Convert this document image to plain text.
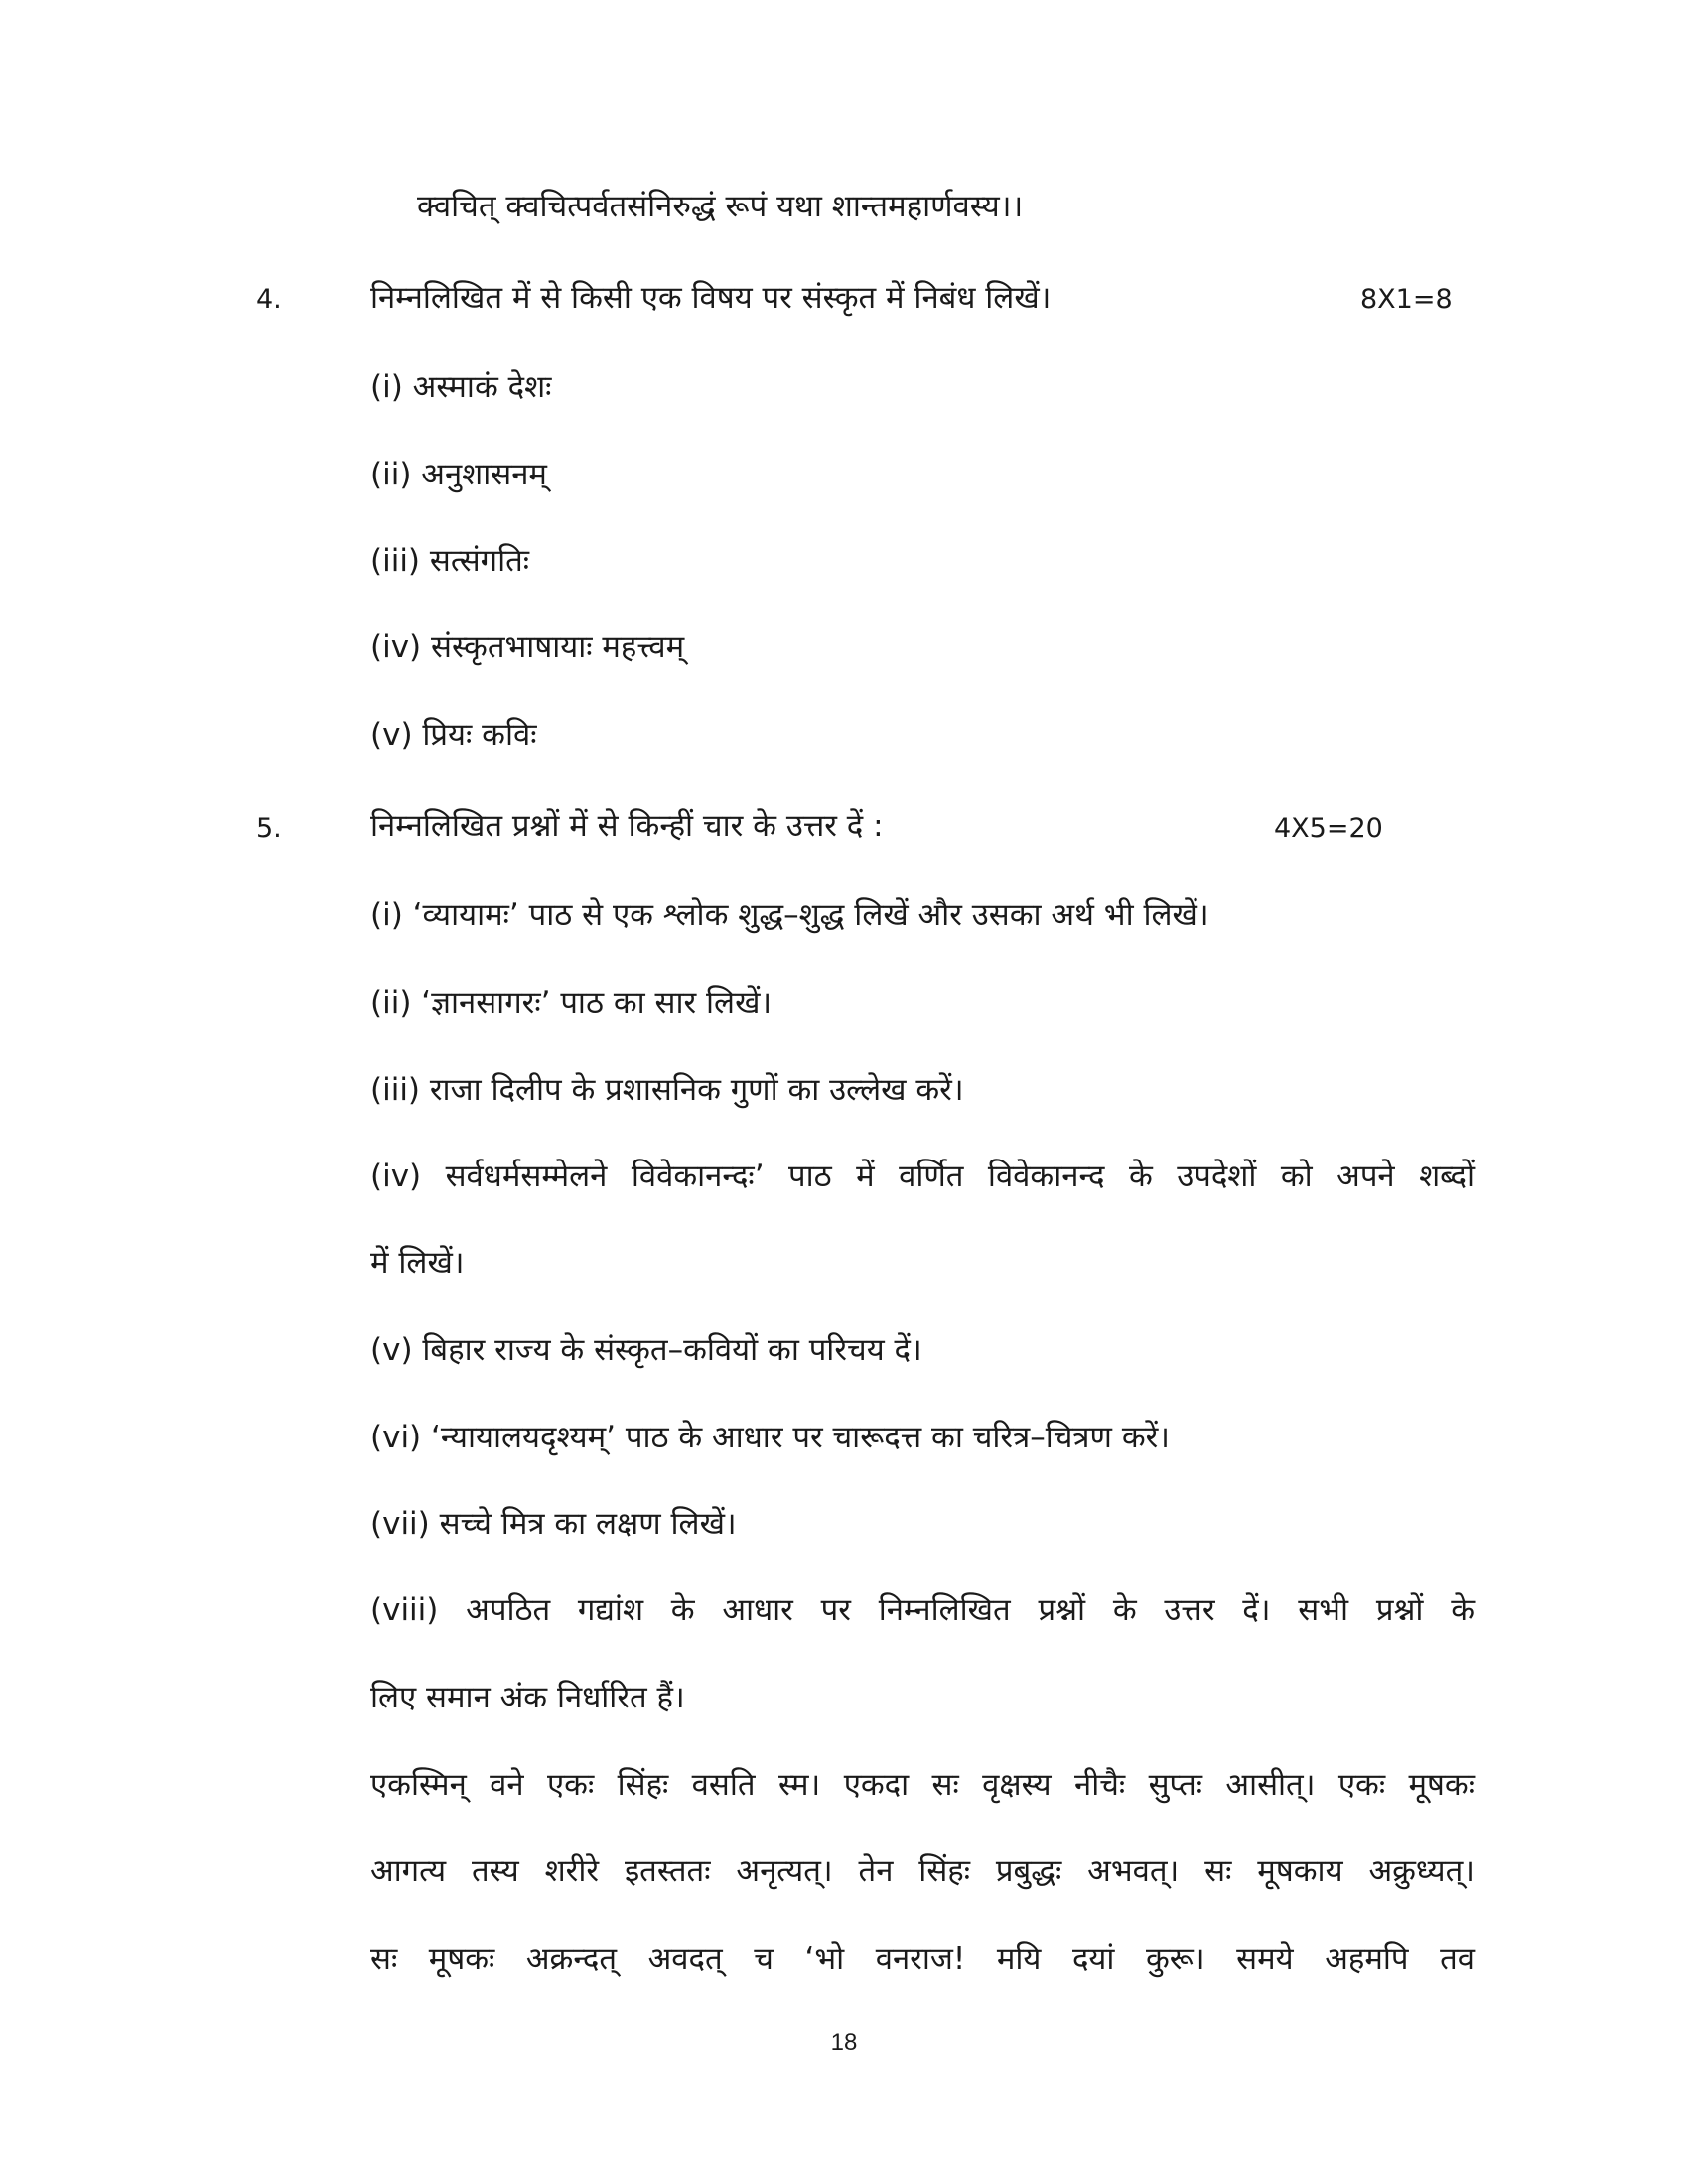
क्वचित् क्वचित्पर्वतसंनिरुद्धं रूपं यथा शान्तमहार्णवस्य।।
4.	निम्नलिखित में से किसी एक विषय पर संस्कृत में निबंध लिखें।	8X1=8
(i) अस्माकं देशः
(ii) अनुशासनम्
(iii) सत्संगतिः
(iv) संस्कृतभाषायाः महत्त्वम्
(v) प्रियः कविः
5.	निम्नलिखित प्रश्नों में से किन्हीं चार के उत्तर दें :	4X5=20
(i) ‘व्यायामः’ पाठ से एक श्लोक शुद्ध–शुद्ध लिखें और उसका अर्थ भी लिखें।
(ii) ‘ज्ञानसागरः’ पाठ का सार लिखें।
(iii) राजा दिलीप के प्रशासनिक गुणों का उल्लेख करें।
(iv) सर्वधर्मसम्मेलने विवेकानन्दः’ पाठ में वर्णित विवेकानन्द के उपदेशों को अपने शब्दों
में लिखें।
(v) बिहार राज्य के संस्कृत–कवियों का परिचय दें।
(vi) ‘न्यायालयदृश्यम्’ पाठ के आधार पर चारूदत्त का चरित्र–चित्रण करें।
(vii) सच्चे मित्र का लक्षण लिखें।
(viii) अपठित गद्यांश के आधार पर निम्नलिखित प्रश्नों के उत्तर दें। सभी प्रश्नों के
लिए समान अंक निर्धारित हैं।
एकस्मिन् वने एकः सिंहः वसति स्म। एकदा सः वृक्षस्य नीचैः सुप्तः आसीत्। एकः मूषकः
आगत्य तस्य शरीरे इतस्ततः अनृत्यत्। तेन सिंहः प्रबुद्धः अभवत्। सः मूषकाय अक्रुध्यत्।
सः मूषकः अक्रन्दत् अवदत् च ‘भो वनराज! मयि दयां कुरू। समये अहमपि तव
18
